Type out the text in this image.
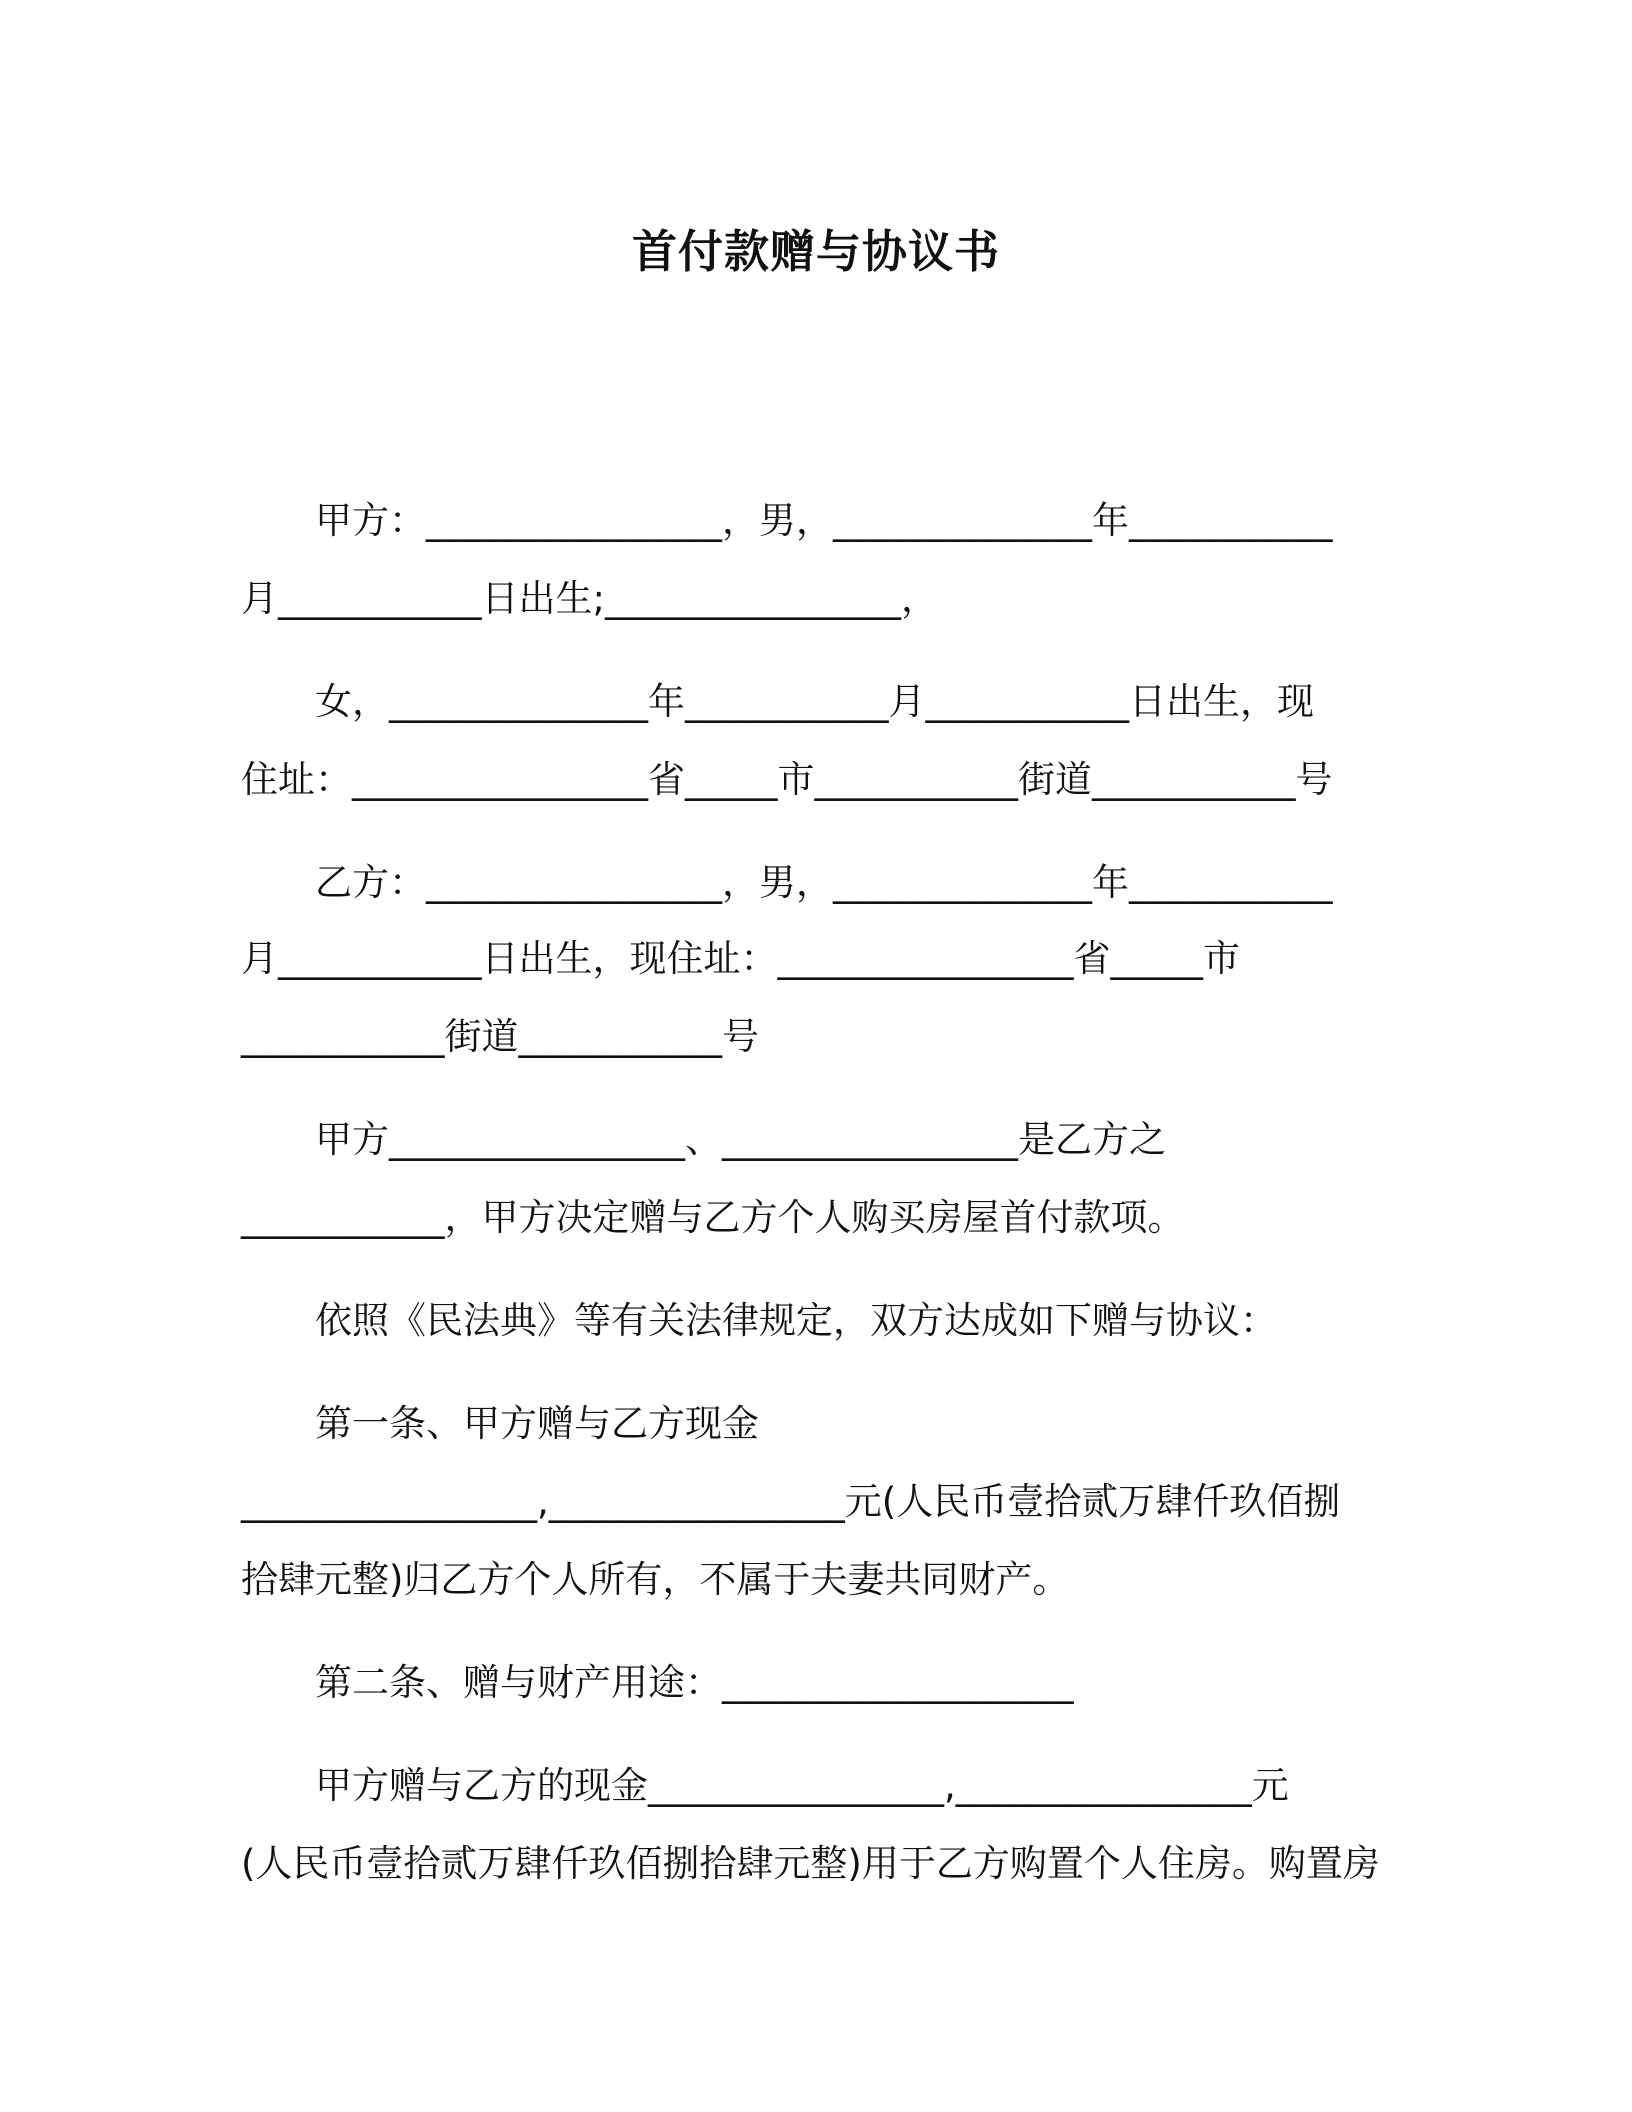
首付款赠与协议书
　　甲方：________________，男，______________年___________
月___________日出生;________________，
　　女，______________年___________月___________日出生，现
住址：________________省_____市___________街道___________号
　　乙方：________________，男，______________年___________
月___________日出生，现住址：________________省_____市
___________街道___________号
　　甲方________________、________________是乙方之
___________，甲方决定赠与乙方个人购买房屋首付款项。
　　依照《民法典》等有关法律规定，双方达成如下赠与协议：
　　第一条、甲方赠与乙方现金
________________,________________元(人民币壹拾贰万肆仟玖佰捌
拾肆元整)归乙方个人所有，不属于夫妻共同财产。
　　第二条、赠与财产用途：___________________
　　甲方赠与乙方的现金________________,________________元
(人民币壹拾贰万肆仟玖佰捌拾肆元整)用于乙方购置个人住房。购置房
